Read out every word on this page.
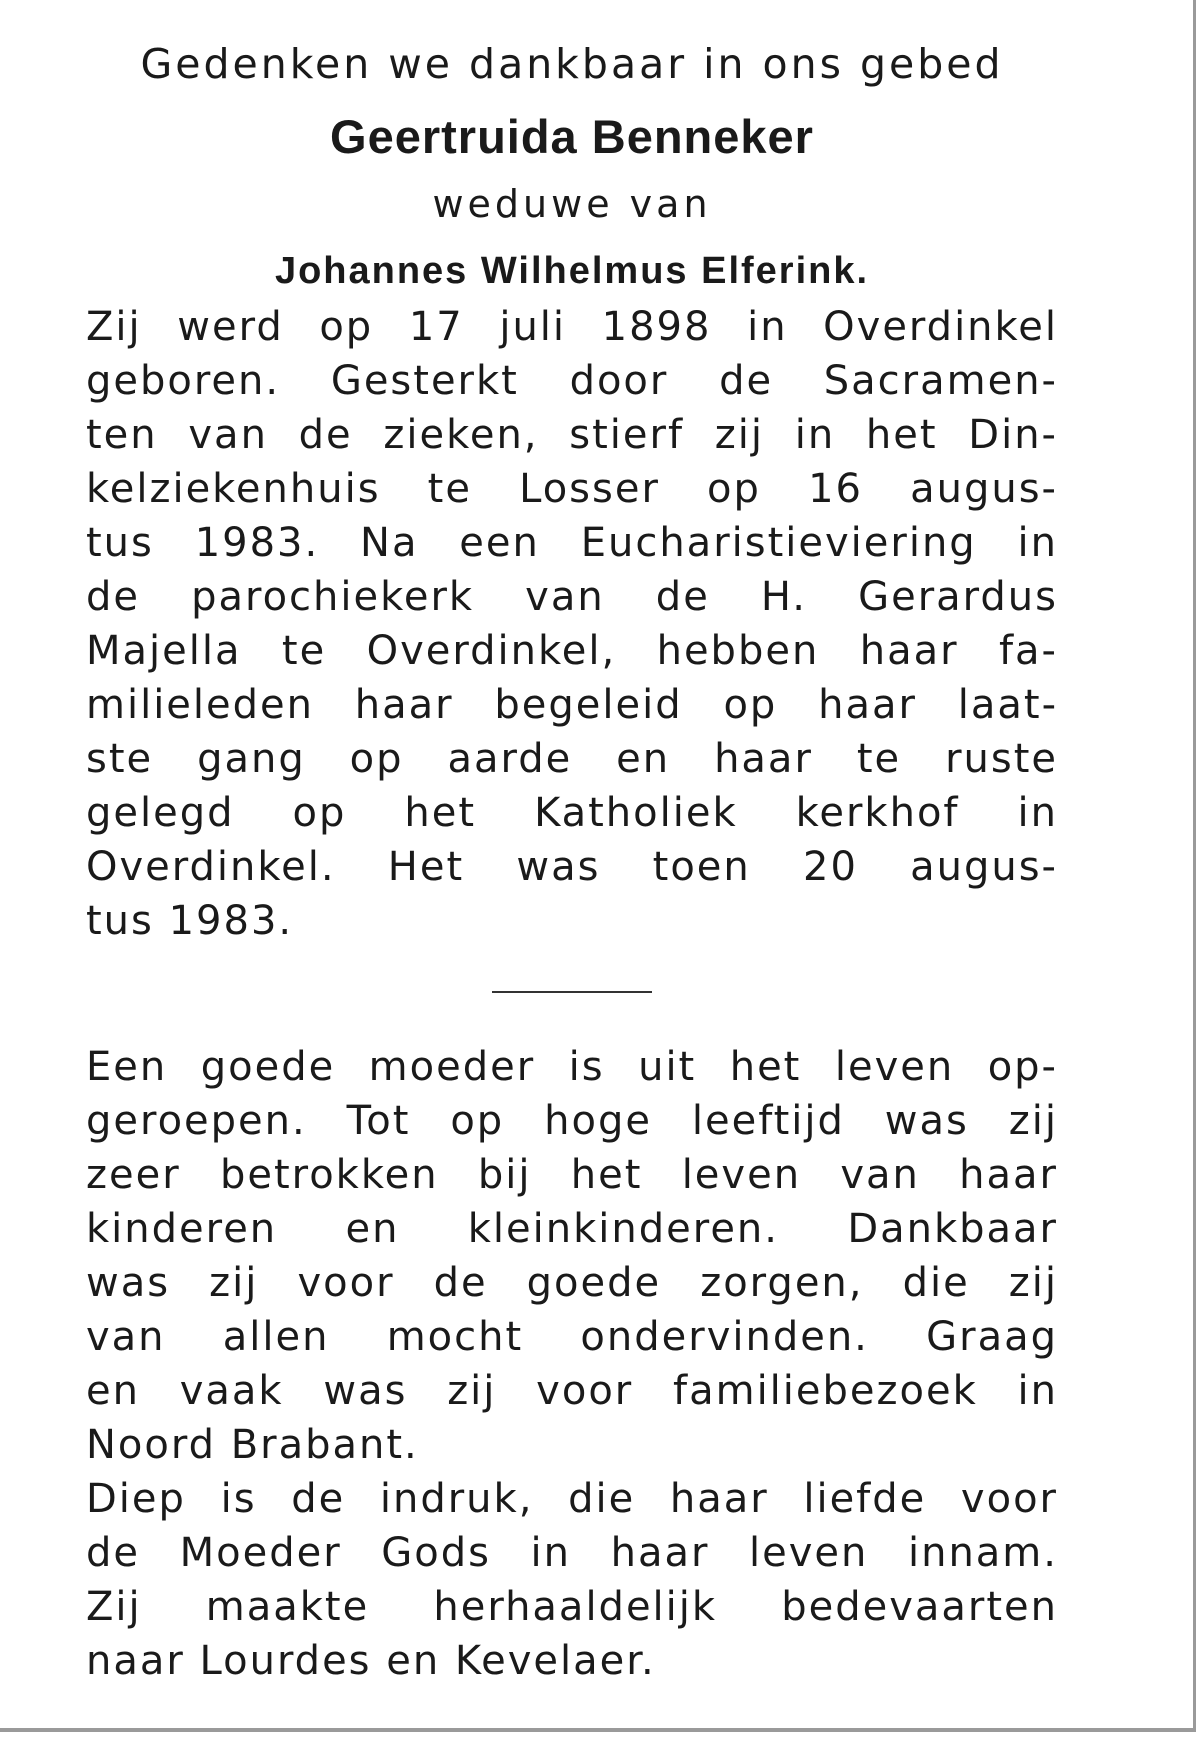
Gedenken we dankbaar in ons gebed

Geertruida Benneker

weduwe van

Johannes Wilhelmus Elferink.

Zij werd op 17 juli 1898 in Overdinkel
geboren. Gesterkt door de Sacramen-
ten van de zieken, stierf zij in het Din-
kelziekenhuis te Losser op 16 augus-
tus 1983. Na een Eucharistieviering in
de parochiekerk van de H. Gerardus
Majella te Overdinkel, hebben haar fa-
milieleden haar begeleid op haar laat-
ste gang op aarde en haar te ruste
gelegd op het Katholiek kerkhof in
Overdinkel. Het was toen 20 augus-
tus 1983.
Een goede moeder is uit het leven op-
geroepen. Tot op hoge leeftijd was zij
zeer betrokken bij het leven van haar
kinderen en kleinkinderen. Dankbaar
was zij voor de goede zorgen, die zij
van allen mocht ondervinden. Graag
en vaak was zij voor familiebezoek in
Noord Brabant.
Diep is de indruk, die haar liefde voor
de Moeder Gods in haar leven innam.
Zij maakte herhaaldelijk bedevaarten
naar Lourdes en Kevelaer.
